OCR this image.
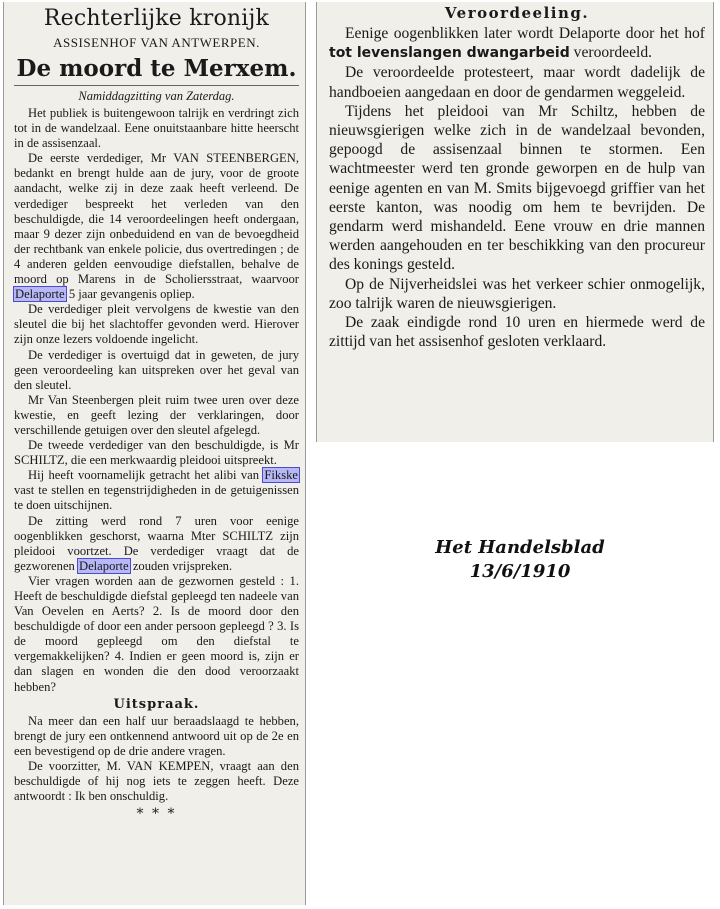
Rechterlijke kronijk
ASSISENHOF VAN ANTWERPEN.
De moord te Merxem.
Namiddagzitting van Zaterdag.

Het publiek is buitengewoon talrijk en verdringt zich tot in de wandelzaal. Eene onuitstaanbare hitte heerscht in de assisenzaal.

De eerste verdediger, Mr VAN STEENBERGEN, bedankt en brengt hulde aan de jury, voor de groote aandacht, welke zij in deze zaak heeft verleend. De verdediger bespreekt het verleden van den beschuldigde, die 14 veroordeelingen heeft ondergaan, maar 9 dezer zijn onbeduidend en van de bevoegdheid der rechtbank van enkele policie, dus overtredingen ; de 4 anderen gelden eenvoudige diefstallen, behalve de moord op Marens in de Scholiersstraat, waarvoor Delaporte 5 jaar gevangenis opliep.

De verdediger pleit vervolgens de kwestie van den sleutel die bij het slachtoffer gevonden werd. Hierover zijn onze lezers voldoende ingelicht.

De verdediger is overtuigd dat in geweten, de jury geen veroordeeling kan uitspreken over het geval van den sleutel.

Mr Van Steenbergen pleit ruim twee uren over deze kwestie, en geeft lezing der verklaringen, door verschillende getuigen over den sleutel afgelegd.

De tweede verdediger van den beschuldigde, is Mr SCHILTZ, die een merkwaardig pleidooi uitspreekt.

Hij heeft voornamelijk getracht het alibi van Fikske vast te stellen en tegenstrijdigheden in de getuigenissen te doen uitschijnen.

De zitting werd rond 7 uren voor eenige oogenblikken geschorst, waarna Mter SCHILTZ zijn pleidooi voortzet. De verdediger vraagt dat de gezworenen Delaporte zouden vrijspreken.

Vier vragen worden aan de gezwornen gesteld : 1. Heeft de beschuldigde diefstal gepleegd ten nadeele van Van Oevelen en Aerts? 2. Is de moord door den beschuldigde of door een ander persoon gepleegd ? 3. Is de moord gepleegd om den diefstal te vergemakkelijken? 4. Indien er geen moord is, zijn er dan slagen en wonden die den dood veroorzaakt hebben?

Uitspraak.

Na meer dan een half uur beraadslaagd te hebben, brengt de jury een ontkennend antwoord uit op de 2e en een bevestigend op de drie andere vragen.

De voorzitter, M. VAN KEMPEN, vraagt aan den beschuldigde of hij nog iets te zeggen heeft. Deze antwoordt : Ik ben onschuldig.

* * *
Veroordeeling.

Eenige oogenblikken later wordt Delaporte door het hof tot levenslangen dwangarbeid veroordeeld.

De veroordeelde protesteert, maar wordt dadelijk de handboeien aangedaan en door de gendarmen weggeleid.

Tijdens het pleidooi van Mr Schiltz, hebben de nieuwsgierigen welke zich in de wandelzaal bevonden, gepoogd de assisenzaal binnen te stormen. Een wachtmeester werd ten gronde geworpen en de hulp van eenige agenten en van M. Smits bijgevoegd griffier van het eerste kanton, was noodig om hem te bevrijden. De gendarm werd mishandeld. Eene vrouw en drie mannen werden aangehouden en ter beschikking van den procureur des konings gesteld.

Op de Nijverheidslei was het verkeer schier onmogelijk, zoo talrijk waren de nieuwsgierigen.

De zaak eindigde rond 10 uren en hiermede werd de zittijd van het assisenhof gesloten verklaard.

Het Handelsblad
13/6/1910
